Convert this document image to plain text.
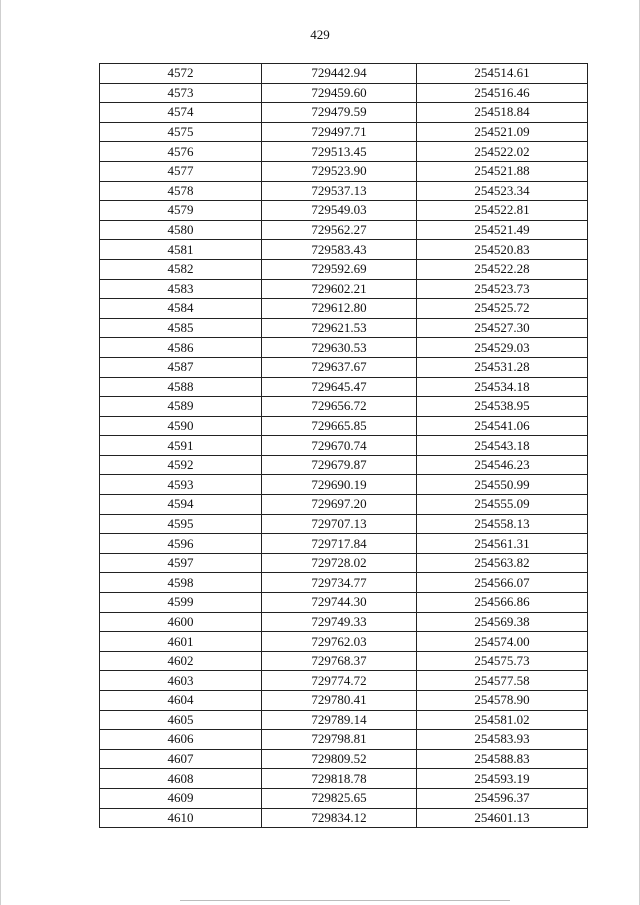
429
4572	729442.94	254514.61
4573	729459.60	254516.46
4574	729479.59	254518.84
4575	729497.71	254521.09
4576	729513.45	254522.02
4577	729523.90	254521.88
4578	729537.13	254523.34
4579	729549.03	254522.81
4580	729562.27	254521.49
4581	729583.43	254520.83
4582	729592.69	254522.28
4583	729602.21	254523.73
4584	729612.80	254525.72
4585	729621.53	254527.30
4586	729630.53	254529.03
4587	729637.67	254531.28
4588	729645.47	254534.18
4589	729656.72	254538.95
4590	729665.85	254541.06
4591	729670.74	254543.18
4592	729679.87	254546.23
4593	729690.19	254550.99
4594	729697.20	254555.09
4595	729707.13	254558.13
4596	729717.84	254561.31
4597	729728.02	254563.82
4598	729734.77	254566.07
4599	729744.30	254566.86
4600	729749.33	254569.38
4601	729762.03	254574.00
4602	729768.37	254575.73
4603	729774.72	254577.58
4604	729780.41	254578.90
4605	729789.14	254581.02
4606	729798.81	254583.93
4607	729809.52	254588.83
4608	729818.78	254593.19
4609	729825.65	254596.37
4610	729834.12	254601.13
